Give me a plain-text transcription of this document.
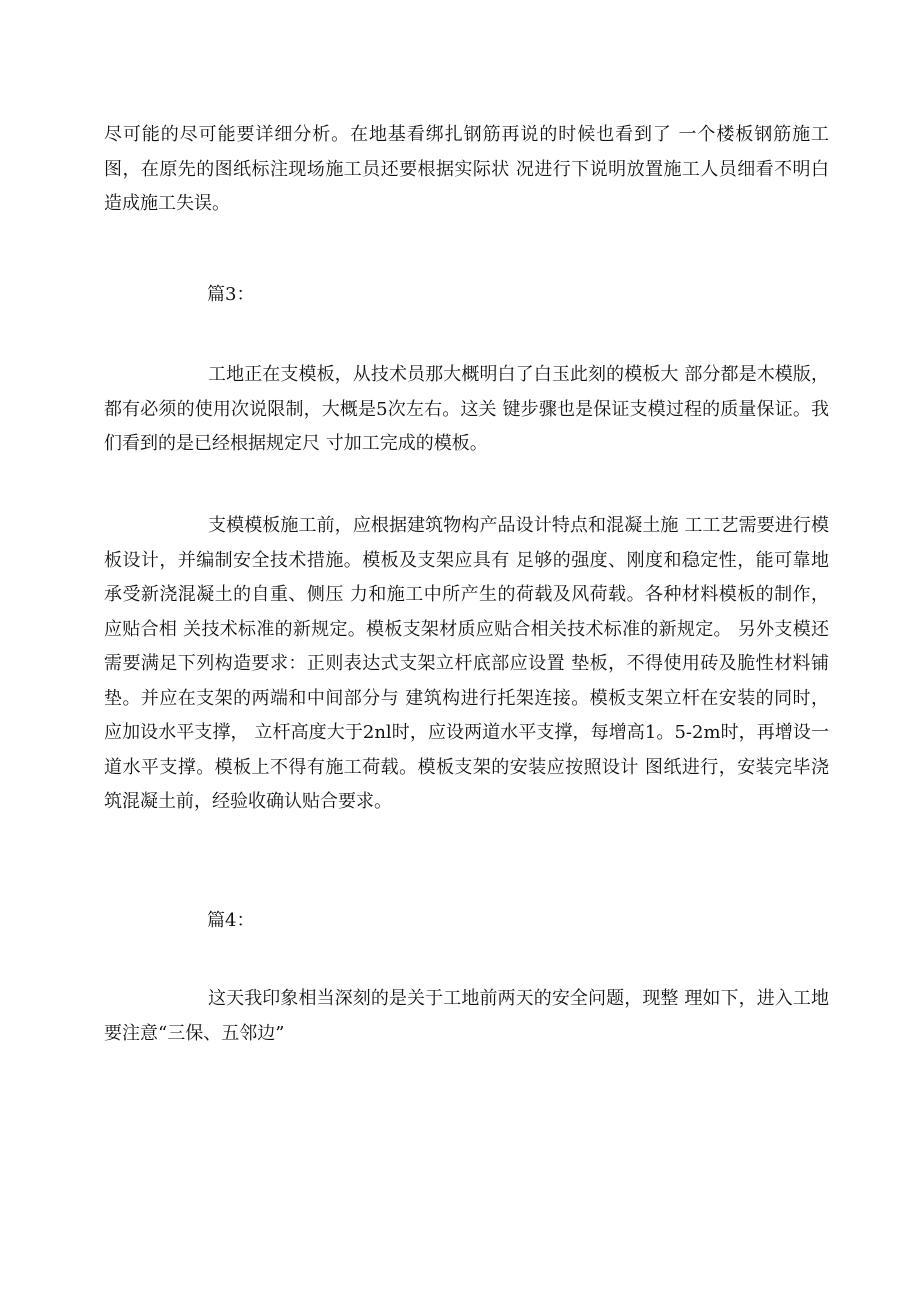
尽可能的尽可能要详细分析。在地基看绑扎钢筋再说的时候也看到了 一个楼板钢筋施工图，在原先的图纸标注现场施工员还要根据实际状 况进行下说明放置施工人员细看不明白造成施工失误。

篇3：

工地正在支模板，从技术员那大概明白了白玉此刻的模板大 部分都是木模版，都有必须的使用次说限制，大概是5次左右。这关 键步骤也是保证支模过程的质量保证。我们看到的是已经根据规定尺 寸加工完成的模板。

支模模板施工前，应根据建筑物构产品设计特点和混凝土施 工工艺需要进行模板设计，并编制安全技术措施。模板及支架应具有 足够的强度、刚度和稳定性，能可靠地承受新浇混凝土的自重、侧压 力和施工中所产生的荷载及风荷载。各种材料模板的制作，应贴合相 关技术标准的新规定。模板支架材质应贴合相关技术标准的新规定。 另外支模还需要满足下列构造要求：正则表达式支架立杆底部应设置 垫板，不得使用砖及脆性材料铺垫。并应在支架的两端和中间部分与 建筑构进行托架连接。模板支架立杆在安装的同时，应加设水平支撑， 立杆高度大于2nl时，应设两道水平支撑，每增高1。5-2m时，再增设一道水平支撑。模板上不得有施工荷载。模板支架的安装应按照设计 图纸进行，安装完毕浇筑混凝土前，经验收确认贴合要求。

篇4：

这天我印象相当深刻的是关于工地前两天的安全问题，现整 理如下，进入工地要注意“三保、五邻边”
